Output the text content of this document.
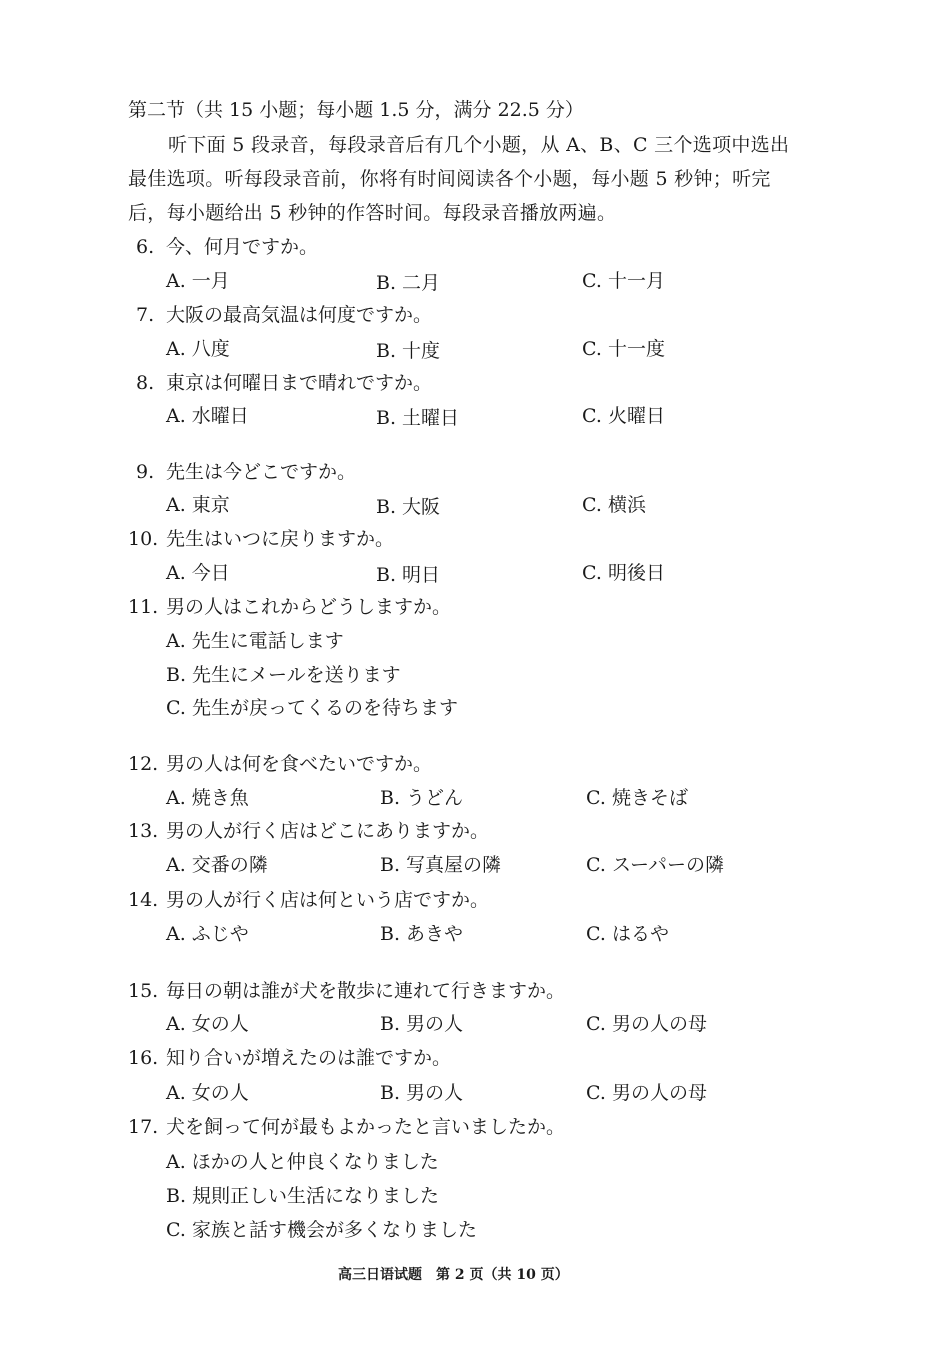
第二节（共 15 小题；每小题 1.5 分，满分 22.5 分）
听下面 5 段录音，每段录音后有几个小题，从 A、B、C 三个选项中选出
最佳选项。听每段录音前，你将有时间阅读各个小题，每小题 5 秒钟；听完
后，每小题给出 5 秒钟的作答时间。每段录音播放两遍。
6. 今、何月ですか。
A. 一月	B. 二月	C. 十一月
7. 大阪の最高気温は何度ですか。
A. 八度	B. 十度	C. 十一度
8. 東京は何曜日まで晴れですか。
A. 水曜日	B. 土曜日	C. 火曜日
9. 先生は今どこですか。
A. 東京	B. 大阪	C. 横浜
10. 先生はいつに戻りますか。
A. 今日	B. 明日	C. 明後日
11. 男の人はこれからどうしますか。
A. 先生に電話します
B. 先生にメールを送ります
C. 先生が戻ってくるのを待ちます
12. 男の人は何を食べたいですか。
A. 焼き魚	B. うどん	C. 焼きそば
13. 男の人が行く店はどこにありますか。
A. 交番の隣	B. 写真屋の隣	C. スーパーの隣
14. 男の人が行く店は何という店ですか。
A. ふじや	B. あきや	C. はるや
15. 毎日の朝は誰が犬を散歩に連れて行きますか。
A. 女の人	B. 男の人	C. 男の人の母
16. 知り合いが増えたのは誰ですか。
A. 女の人	B. 男の人	C. 男の人の母
17. 犬を飼って何が最もよかったと言いましたか。
A. ほかの人と仲良くなりました
B. 規則正しい生活になりました
C. 家族と話す機会が多くなりました
高三日语试题　第 2 页（共 10 页）
